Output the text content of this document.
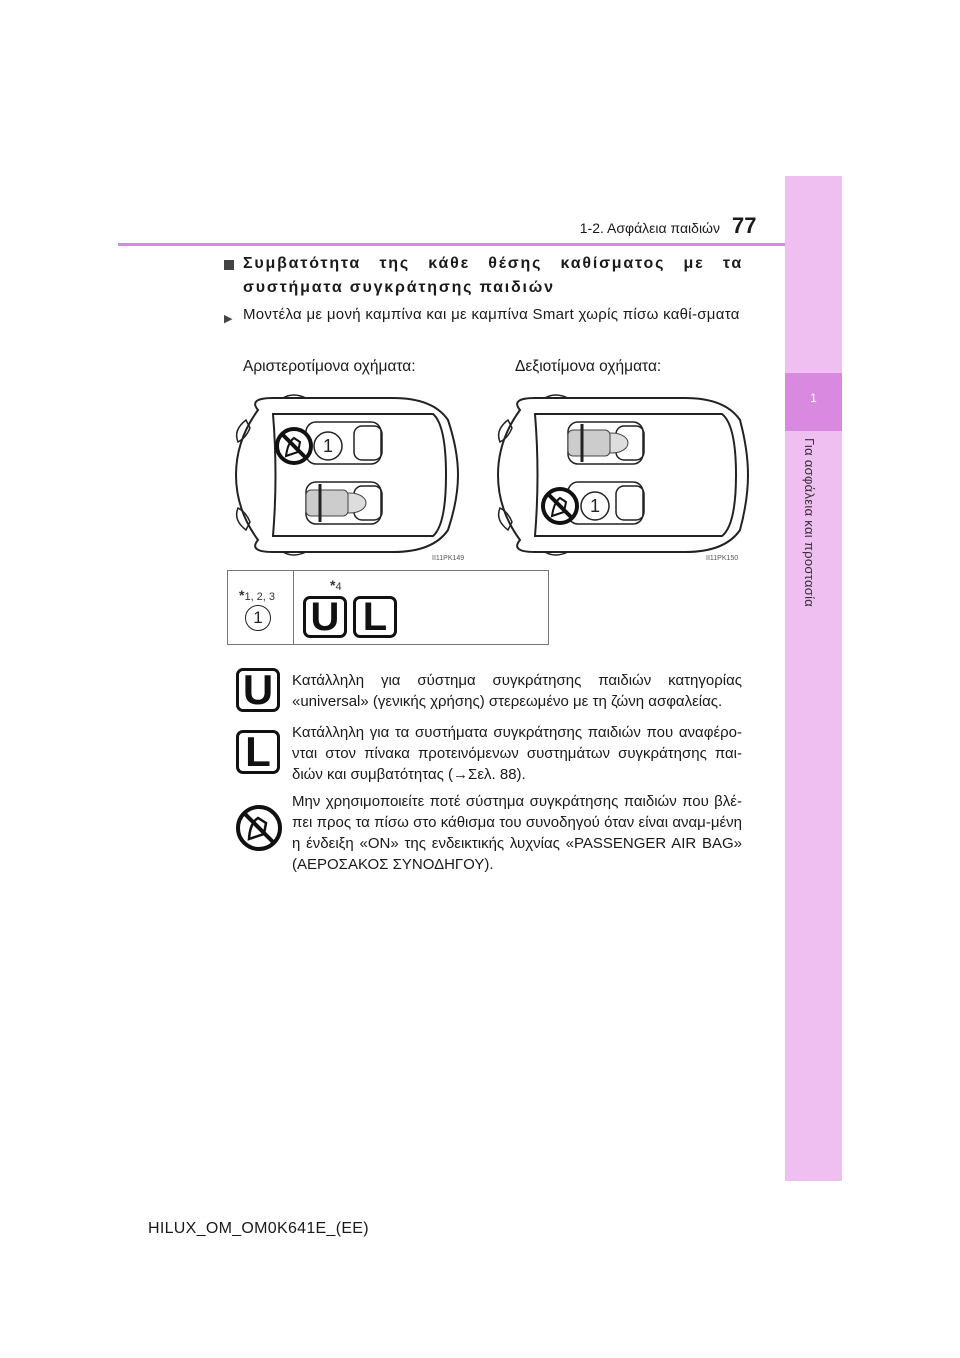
1
Για ασφάλεια και προστασία
1-2. Ασφάλεια παιδιών 77
Συμβατότητα της κάθε θέσης καθίσματος με τα συστήματα συγκράτησης παιδιών
▶ Μοντέλα με μονή καμπίνα και με καμπίνα Smart χωρίς πίσω καθί-σματα
Αριστεροτίμονα οχήματα:	Δεξιοτίμονα οχήματα:
1
II11PK149
1
II11PK150
*1, 2, 3
1
*4
U L
U	Κατάλληλη για σύστημα συγκράτησης παιδιών κατηγορίας «universal» (γενικής χρήσης) στερεωμένο με τη ζώνη ασφαλείας.
L	Κατάλληλη για τα συστήματα συγκράτησης παιδιών που αναφέρο-νται στον πίνακα προτεινόμενων συστημάτων συγκράτησης παι-διών και συμβατότητας (→Σελ. 88).
Μην χρησιμοποιείτε ποτέ σύστημα συγκράτησης παιδιών που βλέ-πει προς τα πίσω στο κάθισμα του συνοδηγού όταν είναι αναμ-μένη η ένδειξη «ON» της ενδεικτικής λυχνίας «PASSENGER AIR BAG» (ΑΕΡΟΣΑΚΟΣ ΣΥΝΟΔΗΓΟΥ).
HILUX_OM_OM0K641E_(EE)
